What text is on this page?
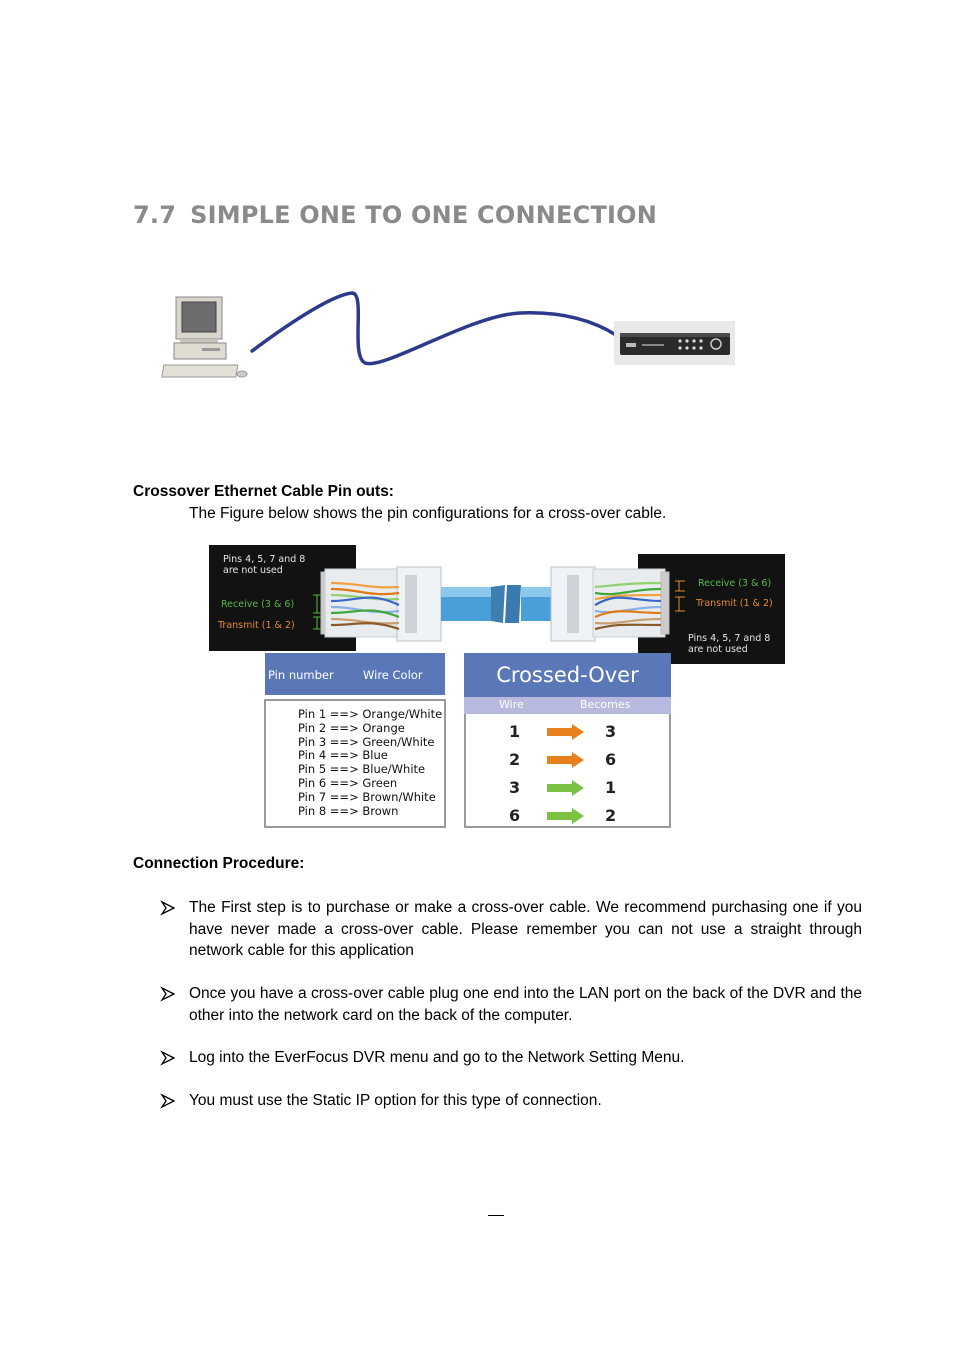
7.7 SIMPLE ONE TO ONE CONNECTION
Crossover Ethernet Cable Pin outs:
The Figure below shows the pin configurations for a cross-over cable.
Pins 4, 5, 7 and 8
are not used
Receive (3 & 6)
Transmit (1 & 2)
Receive (3 & 6)
Transmit (1 & 2)
Pins 4, 5, 7 and 8
are not used
Pin number	Wire Color
Pin 1 ==> Orange/White
Pin 2 ==> Orange
Pin 3 ==> Green/White
Pin 4 ==> Blue
Pin 5 ==> Blue/White
Pin 6 ==> Green
Pin 7 ==> Brown/White
Pin 8 ==> Brown
Crossed-Over
Wire	Becomes
1	3
2	6
3	1
6	2
Connection Procedure:
The First step is to purchase or make a cross-over cable. We recommend purchasing one if you have never made a cross-over cable. Please remember you can not use a straight through network cable for this application
Once you have a cross-over cable plug one end into the LAN port on the back of the DVR and the other into the network card on the back of the computer.
Log into the EverFocus DVR menu and go to the Network Setting Menu.
You must use the Static IP option for this type of connection.
